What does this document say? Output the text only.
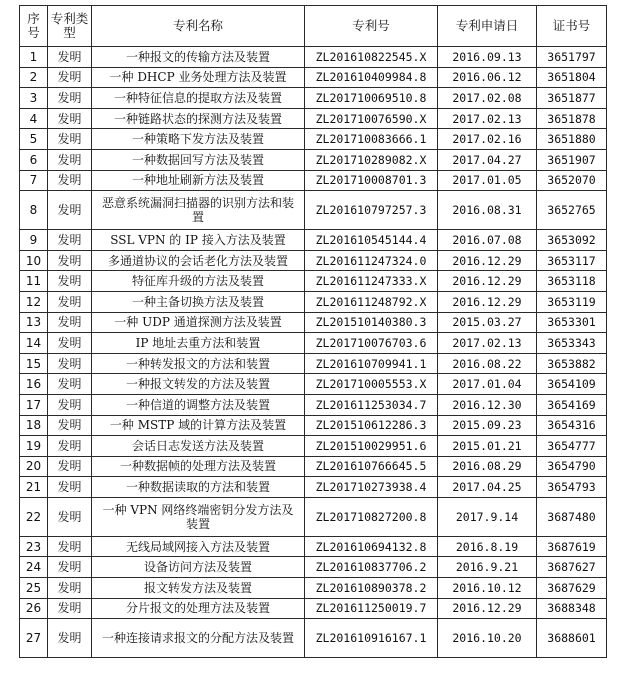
序号	专利类型	专利名称	专利号	专利申请日	证书号
1	发明	一种报文的传输方法及装置	ZL201610822545.X	2016.09.13	3651797
2	发明	一种 DHCP 业务处理方法及装置	ZL201610409984.8	2016.06.12	3651804
3	发明	一种特征信息的提取方法及装置	ZL201710069510.8	2017.02.08	3651877
4	发明	一种链路状态的探测方法及装置	ZL201710076590.X	2017.02.13	3651878
5	发明	一种策略下发方法及装置	ZL201710083666.1	2017.02.16	3651880
6	发明	一种数据回写方法及装置	ZL201710289082.X	2017.04.27	3651907
7	发明	一种地址刷新方法及装置	ZL201710008701.3	2017.01.05	3652070
8	发明	恶意系统漏洞扫描器的识别方法和装置	ZL201610797257.3	2016.08.31	3652765
9	发明	SSL VPN 的 IP 接入方法及装置	ZL201610545144.4	2016.07.08	3653092
10	发明	多通道协议的会话老化方法及装置	ZL201611247324.0	2016.12.29	3653117
11	发明	特征库升级的方法及装置	ZL201611247333.X	2016.12.29	3653118
12	发明	一种主备切换方法及装置	ZL201611248792.X	2016.12.29	3653119
13	发明	一种 UDP 通道探测方法及装置	ZL201510140380.3	2015.03.27	3653301
14	发明	IP 地址去重方法和装置	ZL201710076703.6	2017.02.13	3653343
15	发明	一种转发报文的方法和装置	ZL201610709941.1	2016.08.22	3653882
16	发明	一种报文转发的方法及装置	ZL201710005553.X	2017.01.04	3654109
17	发明	一种信道的调整方法及装置	ZL201611253034.7	2016.12.30	3654169
18	发明	一种 MSTP 域的计算方法及装置	ZL201510612286.3	2015.09.23	3654316
19	发明	会话日志发送方法及装置	ZL201510029951.6	2015.01.21	3654777
20	发明	一种数据帧的处理方法及装置	ZL201610766645.5	2016.08.29	3654790
21	发明	一种数据读取的方法和装置	ZL201710273938.4	2017.04.25	3654793
22	发明	一种 VPN 网络终端密钥分发方法及装置	ZL201710827200.8	2017.9.14	3687480
23	发明	无线局域网接入方法及装置	ZL201610694132.8	2016.8.19	3687619
24	发明	设备访问方法及装置	ZL201610837706.2	2016.9.21	3687627
25	发明	报文转发方法及装置	ZL201610890378.2	2016.10.12	3687629
26	发明	分片报文的处理方法及装置	ZL201611250019.7	2016.12.29	3688348
27	发明	一种连接请求报文的分配方法及装置	ZL201610916167.1	2016.10.20	3688601
